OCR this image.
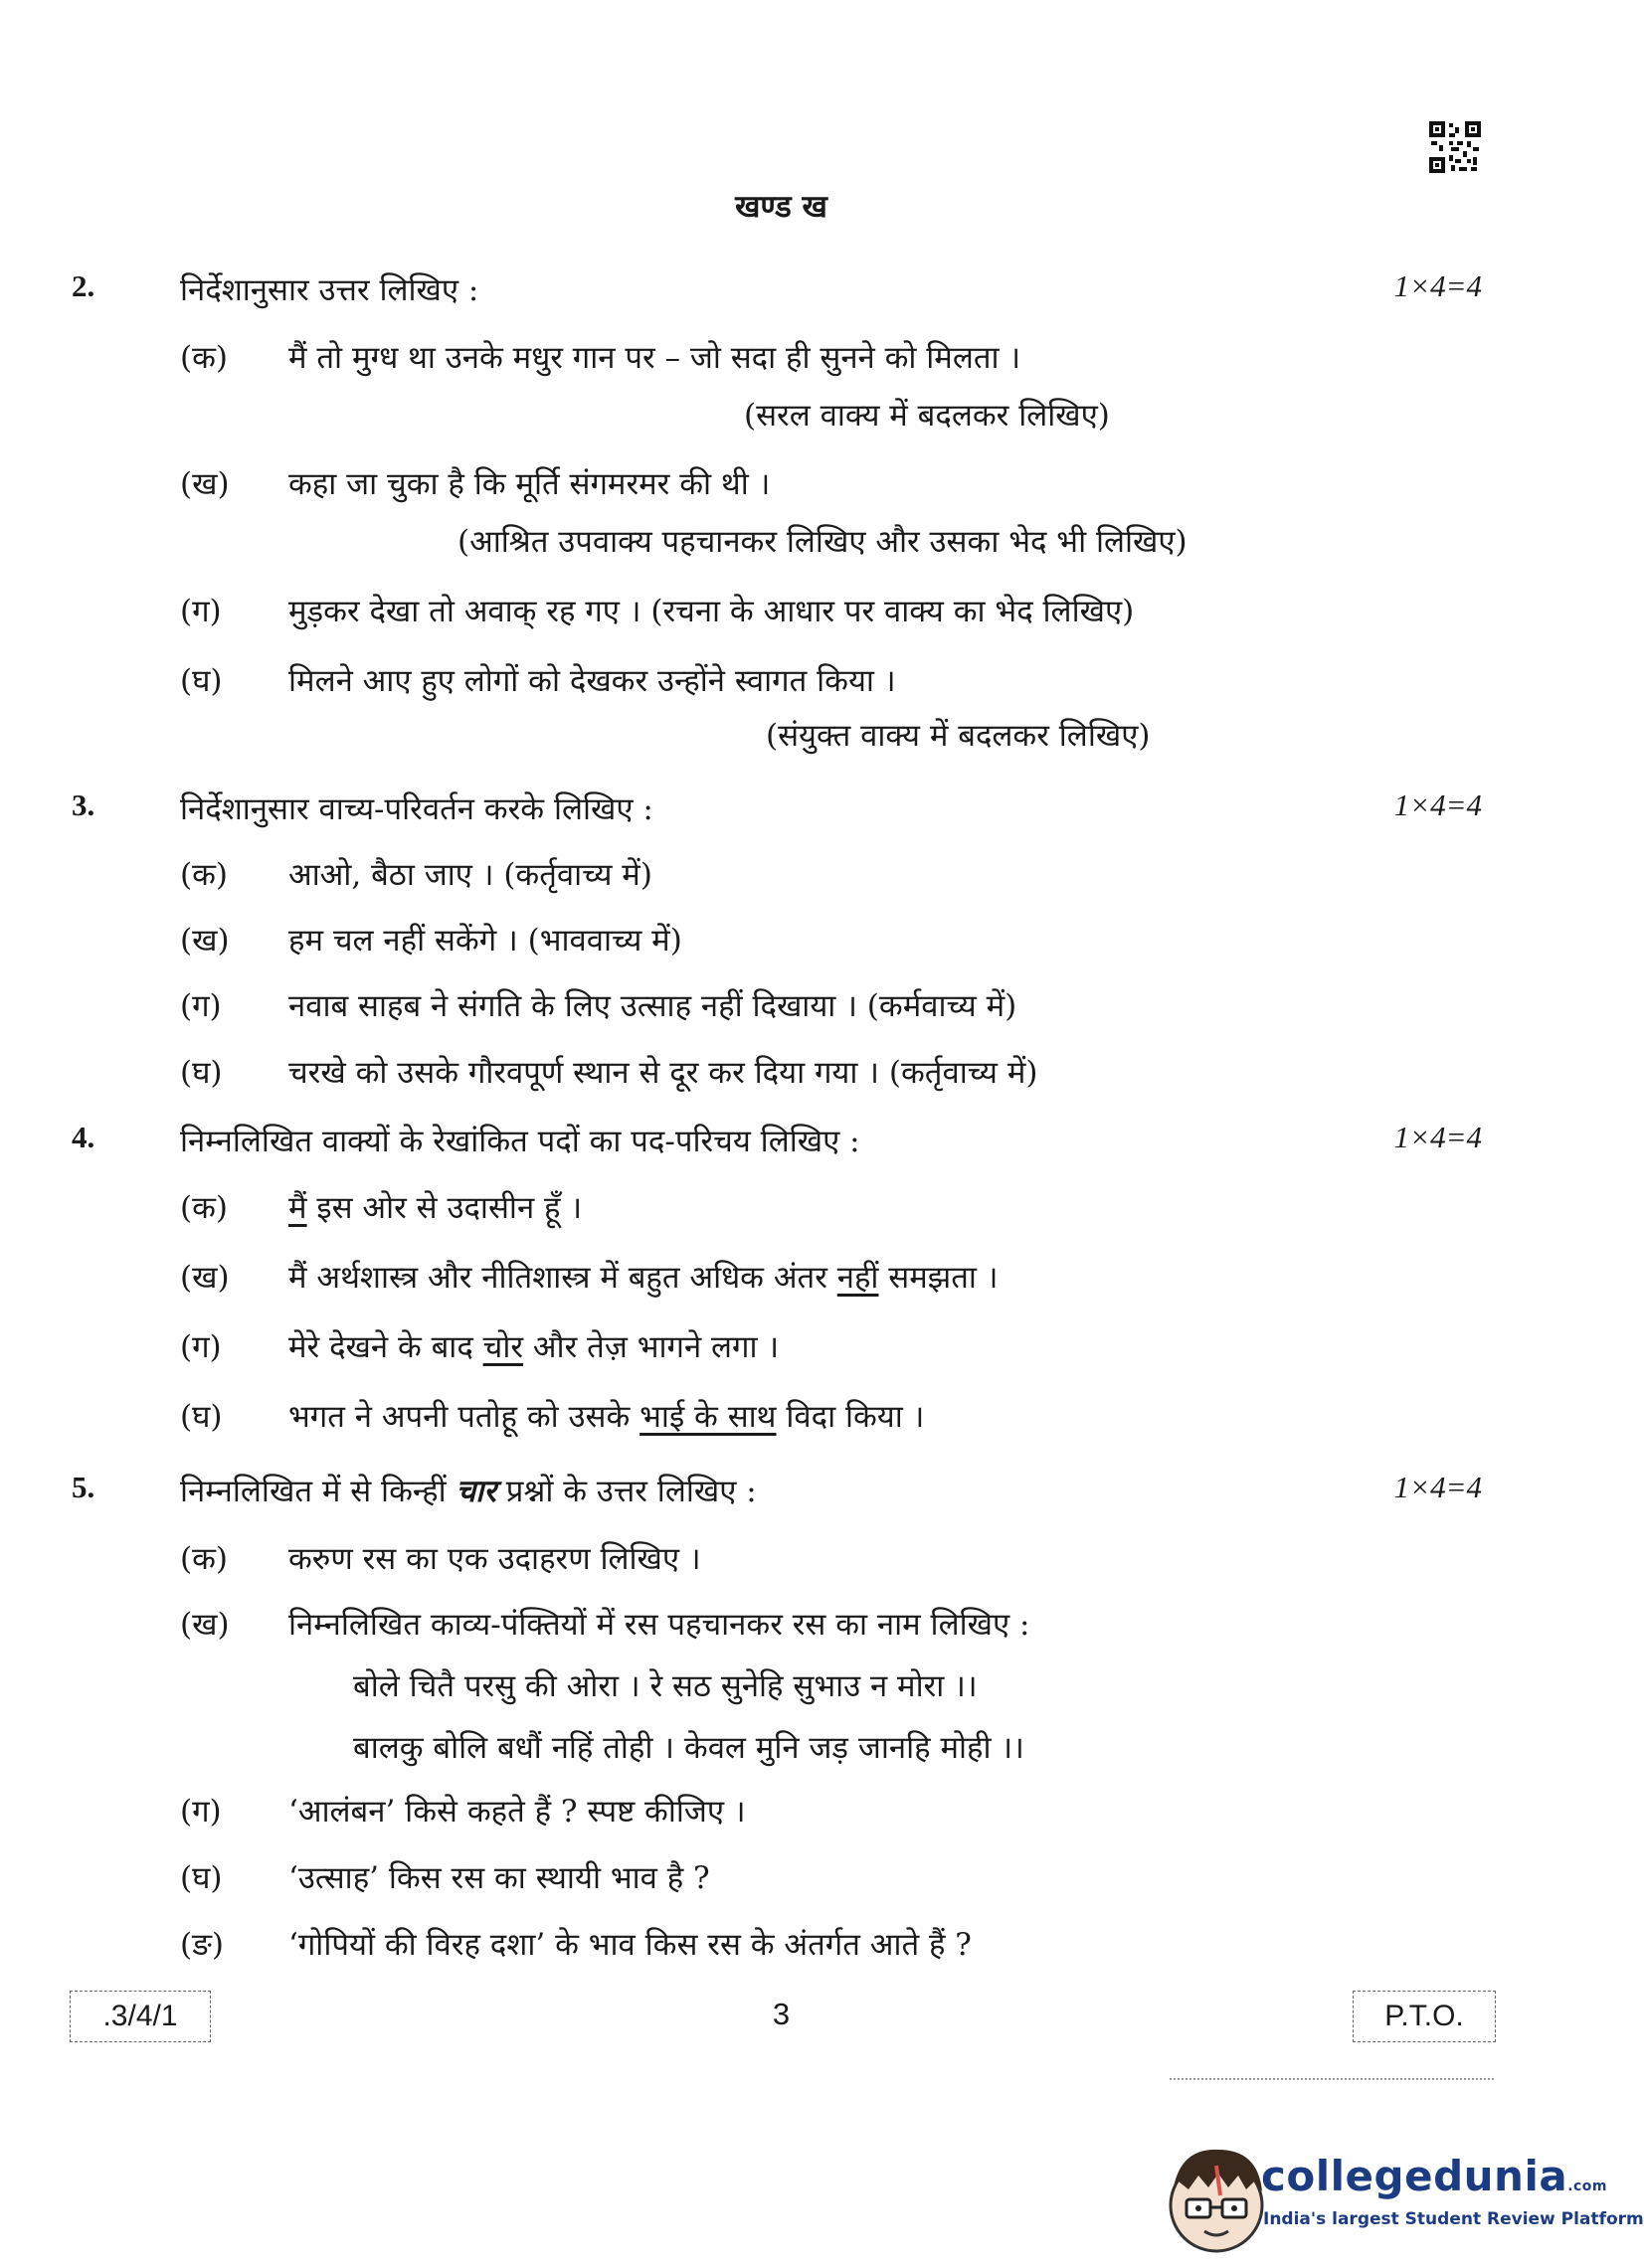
खण्ड ख
2.	निर्देशानुसार उत्तर लिखिए :	1×4=4
(क) मैं तो मुग्ध था उनके मधुर गान पर – जो सदा ही सुनने को मिलता ।
(सरल वाक्य में बदलकर लिखिए)
(ख) कहा जा चुका है कि मूर्ति संगमरमर की थी ।
(आश्रित उपवाक्य पहचानकर लिखिए और उसका भेद भी लिखिए)
(ग) मुड़कर देखा तो अवाक् रह गए । (रचना के आधार पर वाक्य का भेद लिखिए)
(घ) मिलने आए हुए लोगों को देखकर उन्होंने स्वागत किया ।
(संयुक्त वाक्य में बदलकर लिखिए)
3.	निर्देशानुसार वाच्य-परिवर्तन करके लिखिए :	1×4=4
(क) आओ, बैठा जाए । (कर्तृवाच्य में)
(ख) हम चल नहीं सकेंगे । (भाववाच्य में)
(ग) नवाब साहब ने संगति के लिए उत्साह नहीं दिखाया । (कर्मवाच्य में)
(घ) चरखे को उसके गौरवपूर्ण स्थान से दूर कर दिया गया । (कर्तृवाच्य में)
4.	निम्नलिखित वाक्यों के रेखांकित पदों का पद-परिचय लिखिए :	1×4=4
(क) मैं इस ओर से उदासीन हूँ ।
(ख) मैं अर्थशास्त्र और नीतिशास्त्र में बहुत अधिक अंतर नहीं समझता ।
(ग) मेरे देखने के बाद चोर और तेज़ भागने लगा ।
(घ) भगत ने अपनी पतोहू को उसके भाई के साथ विदा किया ।
5.	निम्नलिखित में से किन्हीं चार प्रश्नों के उत्तर लिखिए :	1×4=4
(क) करुण रस का एक उदाहरण लिखिए ।
(ख) निम्नलिखित काव्य-पंक्तियों में रस पहचानकर रस का नाम लिखिए :
बोले चितै परसु की ओरा । रे सठ सुनेहि सुभाउ न मोरा ।।
बालकु बोलि बधौं नहिं तोही । केवल मुनि जड़ जानहि मोही ।।
(ग) ‘आलंबन’ किसे कहते हैं ? स्पष्ट कीजिए ।
(घ) ‘उत्साह’ किस रस का स्थायी भाव है ?
(ङ) ‘गोपियों की विरह दशा’ के भाव किस रस के अंतर्गत आते हैं ?
.3/4/1	3	P.T.O.
collegedunia.com
India's largest Student Review Platform
